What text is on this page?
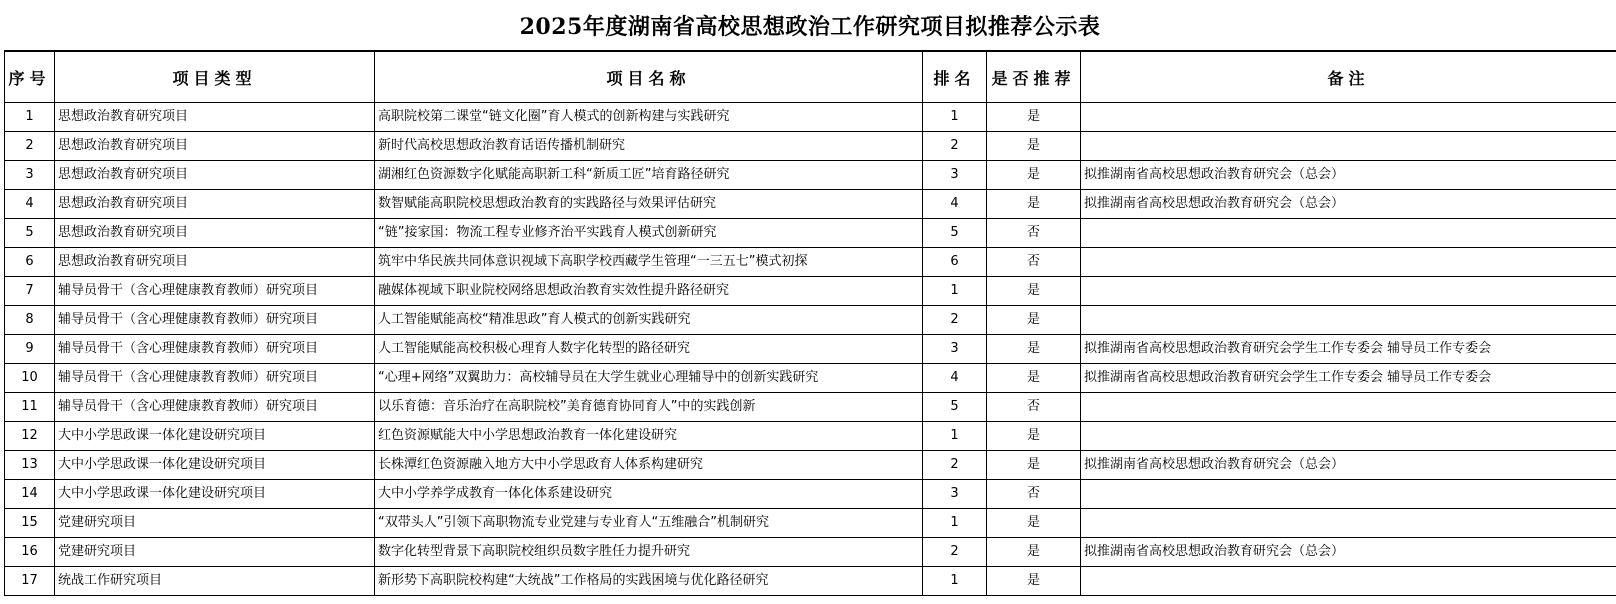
2025年度湖南省高校思想政治工作研究项目拟推荐公示表
序号	项目类型	项目名称	排名	是否推荐	备注
1	思想政治教育研究项目	高职院校第二课堂“链文化圈”育人模式的创新构建与实践研究	1	是	
2	思想政治教育研究项目	新时代高校思想政治教育话语传播机制研究	2	是	
3	思想政治教育研究项目	湖湘红色资源数字化赋能高职新工科“新质工匠”培育路径研究	3	是	拟推湖南省高校思想政治教育研究会（总会）
4	思想政治教育研究项目	数智赋能高职院校思想政治教育的实践路径与效果评估研究	4	是	拟推湖南省高校思想政治教育研究会（总会）
5	思想政治教育研究项目	“链”接家国：物流工程专业修齐治平实践育人模式创新研究	5	否	
6	思想政治教育研究项目	筑牢中华民族共同体意识视域下高职学校西藏学生管理“一三五七”模式初探	6	否	
7	辅导员骨干（含心理健康教育教师）研究项目	融媒体视域下职业院校网络思想政治教育实效性提升路径研究	1	是	
8	辅导员骨干（含心理健康教育教师）研究项目	人工智能赋能高校“精准思政”育人模式的创新实践研究	2	是	
9	辅导员骨干（含心理健康教育教师）研究项目	人工智能赋能高校积极心理育人数字化转型的路径研究	3	是	拟推湖南省高校思想政治教育研究会学生工作专委会 辅导员工作专委会
10	辅导员骨干（含心理健康教育教师）研究项目	“心理+网络”双翼助力：高校辅导员在大学生就业心理辅导中的创新实践研究	4	是	拟推湖南省高校思想政治教育研究会学生工作专委会 辅导员工作专委会
11	辅导员骨干（含心理健康教育教师）研究项目	以乐育德：音乐治疗在高职院校”美育德育协同育人”中的实践创新	5	否	
12	大中小学思政课一体化建设研究项目	红色资源赋能大中小学思想政治教育一体化建设研究	1	是	
13	大中小学思政课一体化建设研究项目	长株潭红色资源融入地方大中小学思政育人体系构建研究	2	是	拟推湖南省高校思想政治教育研究会（总会）
14	大中小学思政课一体化建设研究项目	大中小学养学成教育一体化体系建设研究	3	否	
15	党建研究项目	“双带头人”引领下高职物流专业党建与专业育人“五维融合”机制研究	1	是	
16	党建研究项目	数字化转型背景下高职院校组织员数字胜任力提升研究	2	是	拟推湖南省高校思想政治教育研究会（总会）
17	统战工作研究项目	新形势下高职院校构建“大统战”工作格局的实践困境与优化路径研究	1	是	
